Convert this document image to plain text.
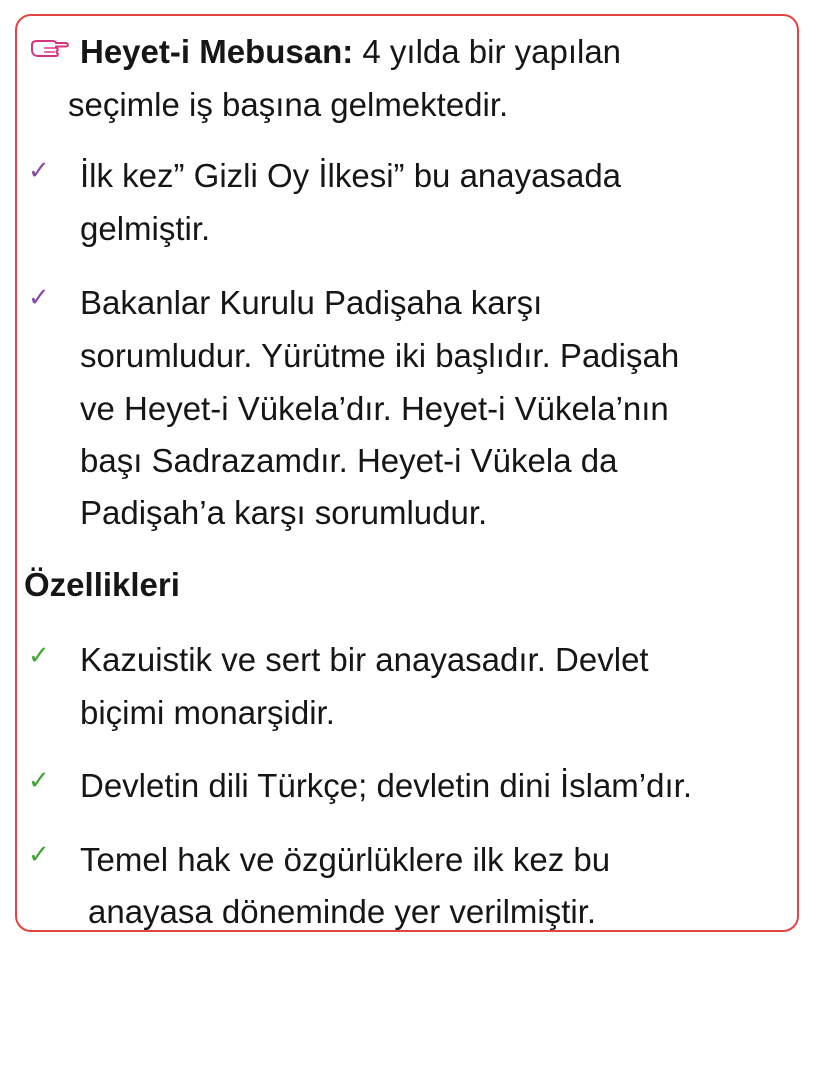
Heyet-i Mebusan: 4 yılda bir yapılan
seçimle iş başına gelmektedir.
✓ İlk kez” Gizli Oy İlkesi” bu anayasada
gelmiştir.
✓ Bakanlar Kurulu Padişaha karşı
sorumludur. Yürütme iki başlıdır. Padişah
ve Heyet-i Vükela’dır. Heyet-i Vükela’nın
başı Sadrazamdır. Heyet-i Vükela da
Padişah’a karşı sorumludur.
Özellikleri
✓ Kazuistik ve sert bir anayasadır. Devlet
biçimi monarşidir.
✓ Devletin dili Türkçe; devletin dini İslam’dır.
✓ Temel hak ve özgürlüklere ilk kez bu
anayasa döneminde yer verilmiştir.
